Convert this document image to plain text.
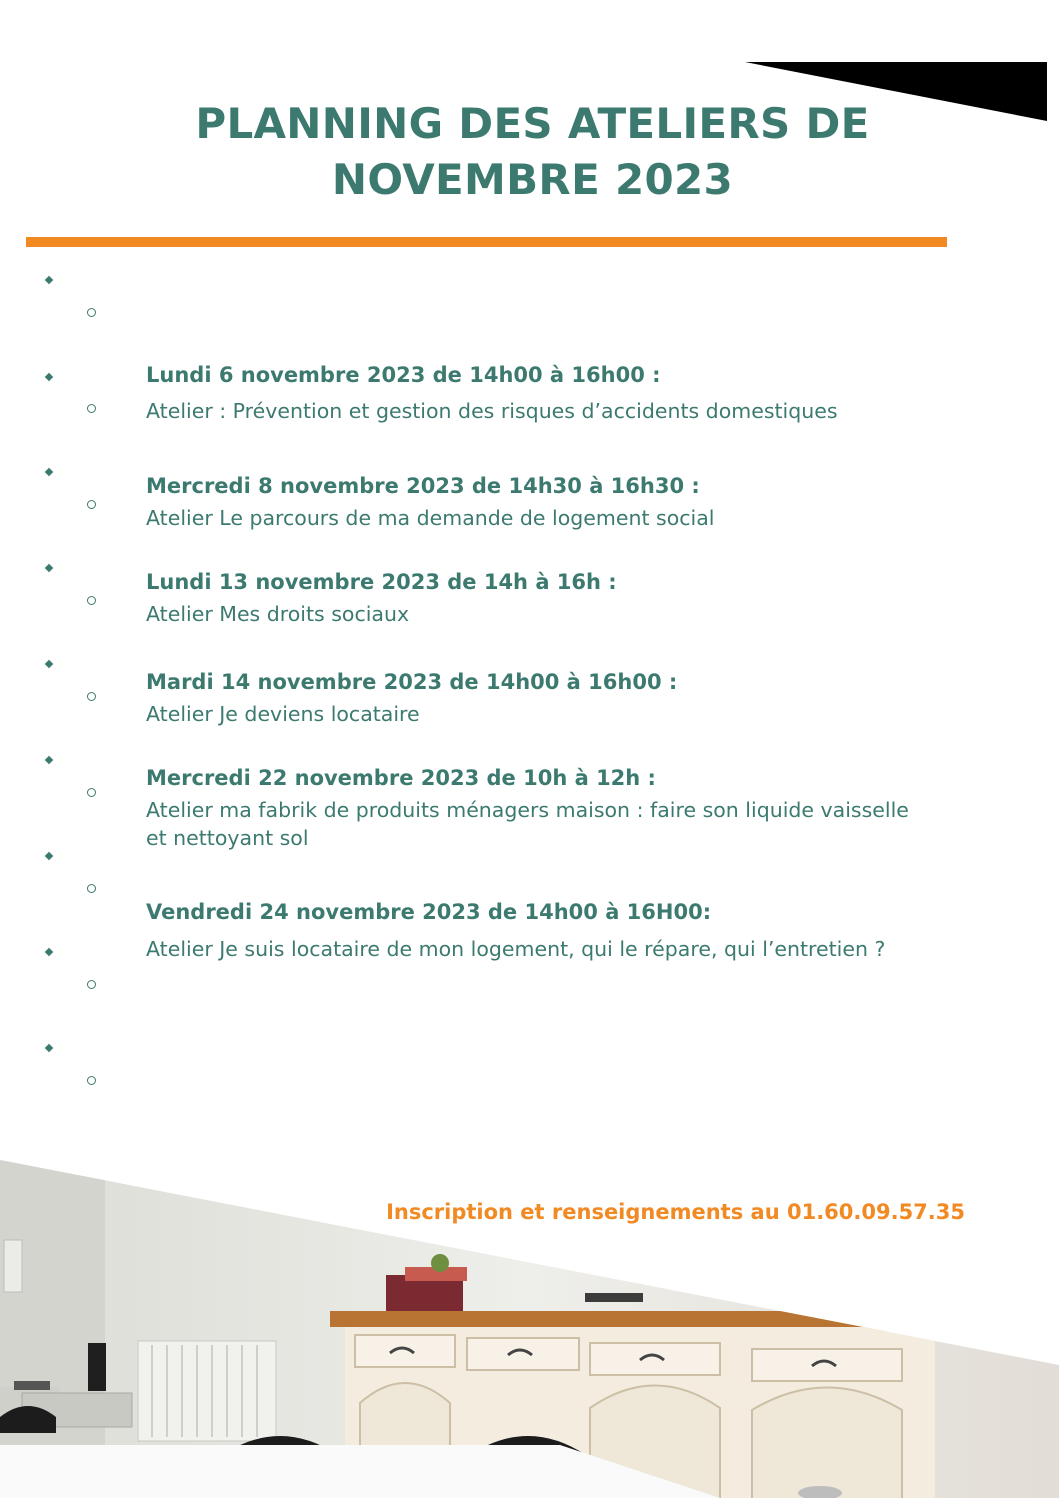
PLANNING DES ATELIERS DE
NOVEMBRE 2023

Lundi 6 novembre 2023 de 14h00 à 16h00 :

Atelier : Prévention et gestion des risques d’accidents domestiques

Mercredi 8 novembre 2023 de 14h30 à 16h30 :

Atelier Le parcours de ma demande de logement social

Lundi 13 novembre 2023 de 14h à 16h :

Atelier Mes droits sociaux

Mardi 14 novembre 2023 de 14h00 à 16h00 :

Atelier Je deviens locataire

Mercredi 22 novembre 2023 de 10h à 12h :

Atelier ma fabrik de produits ménagers maison : faire son liquide vaisselle et nettoyant sol

Vendredi 24 novembre 2023 de 14h00 à 16H00:

Atelier Je suis locataire de mon logement, qui le répare, qui l’entretien ?

Inscription et renseignements au 01.60.09.57.35
